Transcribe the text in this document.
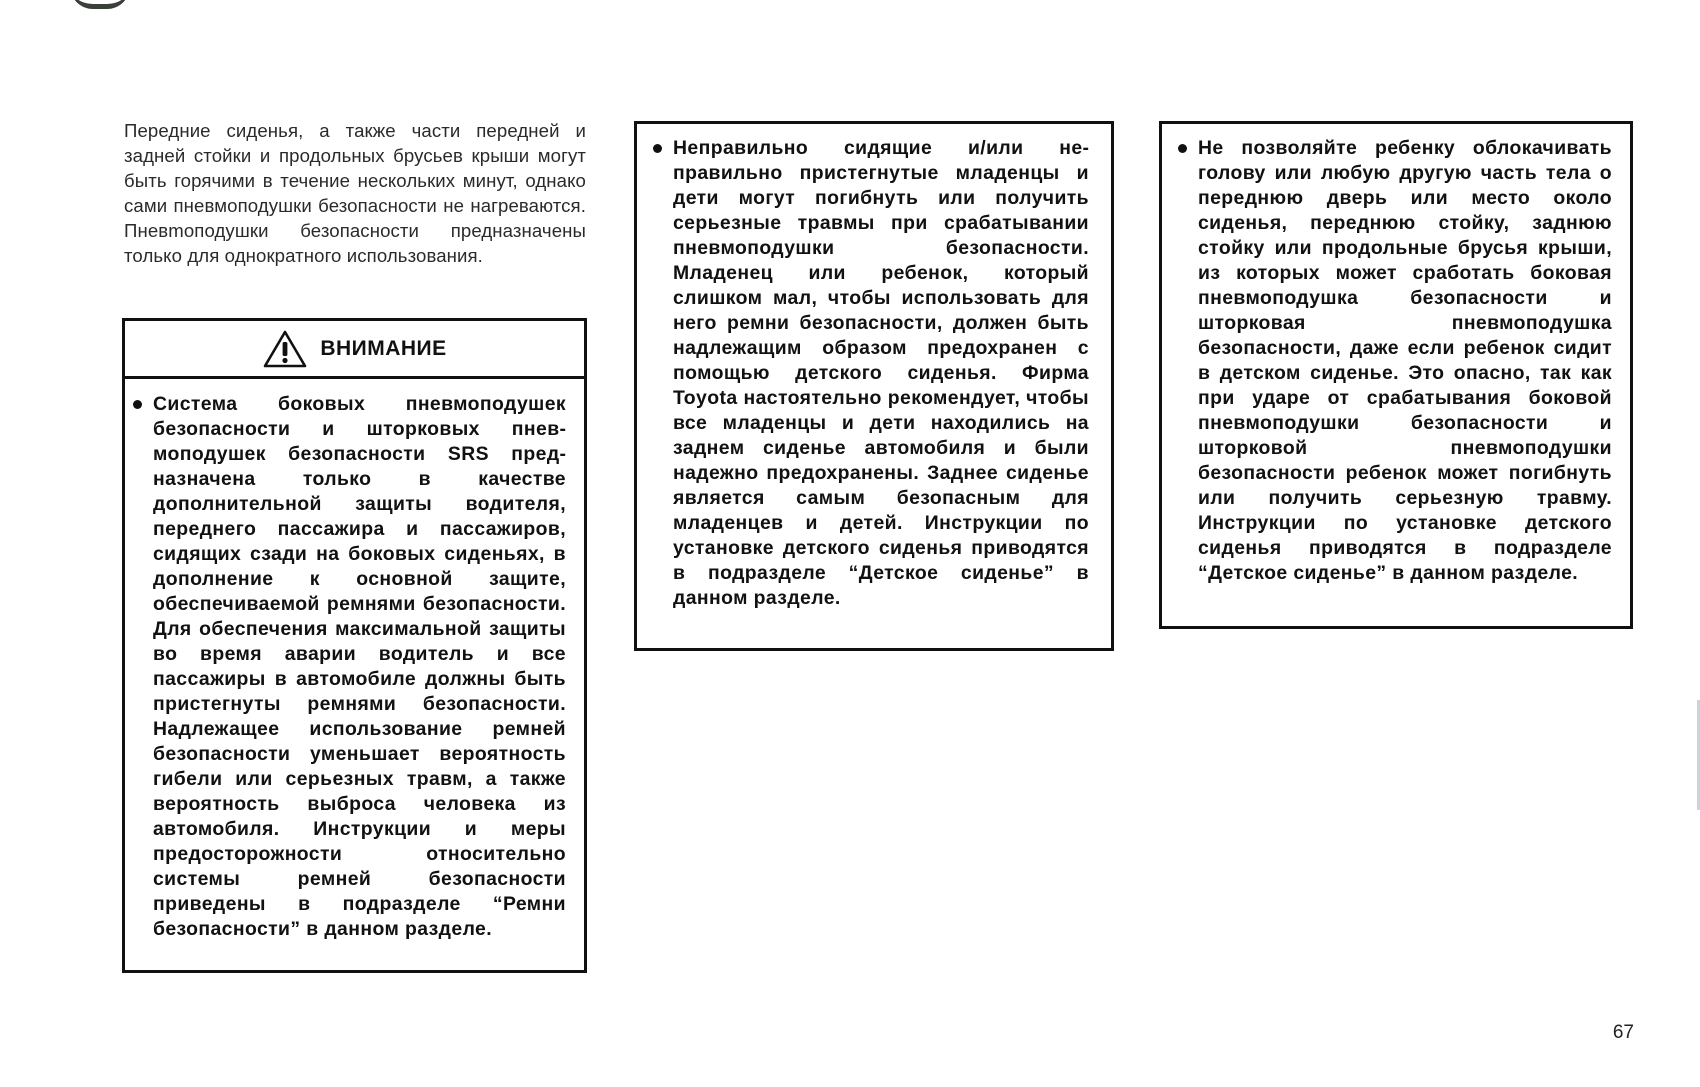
Передние сиденья, а также части передней и задней стойки и продольных брусьев крыши могут быть горячими в течение нескольких минут, однако сами пневмоподушки безопасности не нагреваются. Пневmоподушки безопасности предназначены только для однократного использования.

ВНИМАНИЕ

Система боковых пневмоподушек безопасности и шторковых пневмоподушек безопасности SRS предназначена только в качестве дополнительной защиты водителя, переднего пассажира и пассажиров, сидящих сзади на боковых сиденьях, в дополнение к основной защите, обеспечиваемой ремнями безопасности. Для обеспечения максимальной защиты во время аварии водитель и все пассажиры в автомобиле должны быть пристегнуты ремнями безопасности. Надлежащее использование ремней безопасности уменьшает вероятность гибели или серьезных травм, а также вероятность выброса человека из автомобиля. Инструкции и меры предосторожности относительно системы ремней безопасности приведены в подразделе “Ремни безопасности” в данном разделе.

Неправильно сидящие и/или неправильно пристегнутые младенцы и дети могут погибнуть или получить серьезные травмы при срабатывании пневмоподушки безопасности. Младенец или ребенок, который слишком мал, чтобы использовать для него ремни безопасности, должен быть надлежащим образом предохранен с помощью детского сиденья. Фирма Toyota настоятельно рекомендует, чтобы все младенцы и дети находились на заднем сиденье автомобиля и были надежно предохранены. Заднее сиденье является самым безопасным для младенцев и детей. Инструкции по установке детского сиденья приводятся в подразделе “Детское сиденье” в данном разделе.

Не позволяйте ребенку облокачивать голову или любую другую часть тела о переднюю дверь или место около сиденья, переднюю стойку, заднюю стойку или продольные брусья крыши, из которых может сработать боковая пневмоподушка безопасности и шторковая пневмоподушка безопасности, даже если ребенок сидит в детском сиденье. Это опасно, так как при ударе от срабатывания боковой пневмоподушки безопасности и шторковой пневмоподушки безопасности ребенок может погибнуть или получить серьезную травму. Инструкции по установке детского сиденья приводятся в подразделе “Детское сиденье” в данном разделе.

67
